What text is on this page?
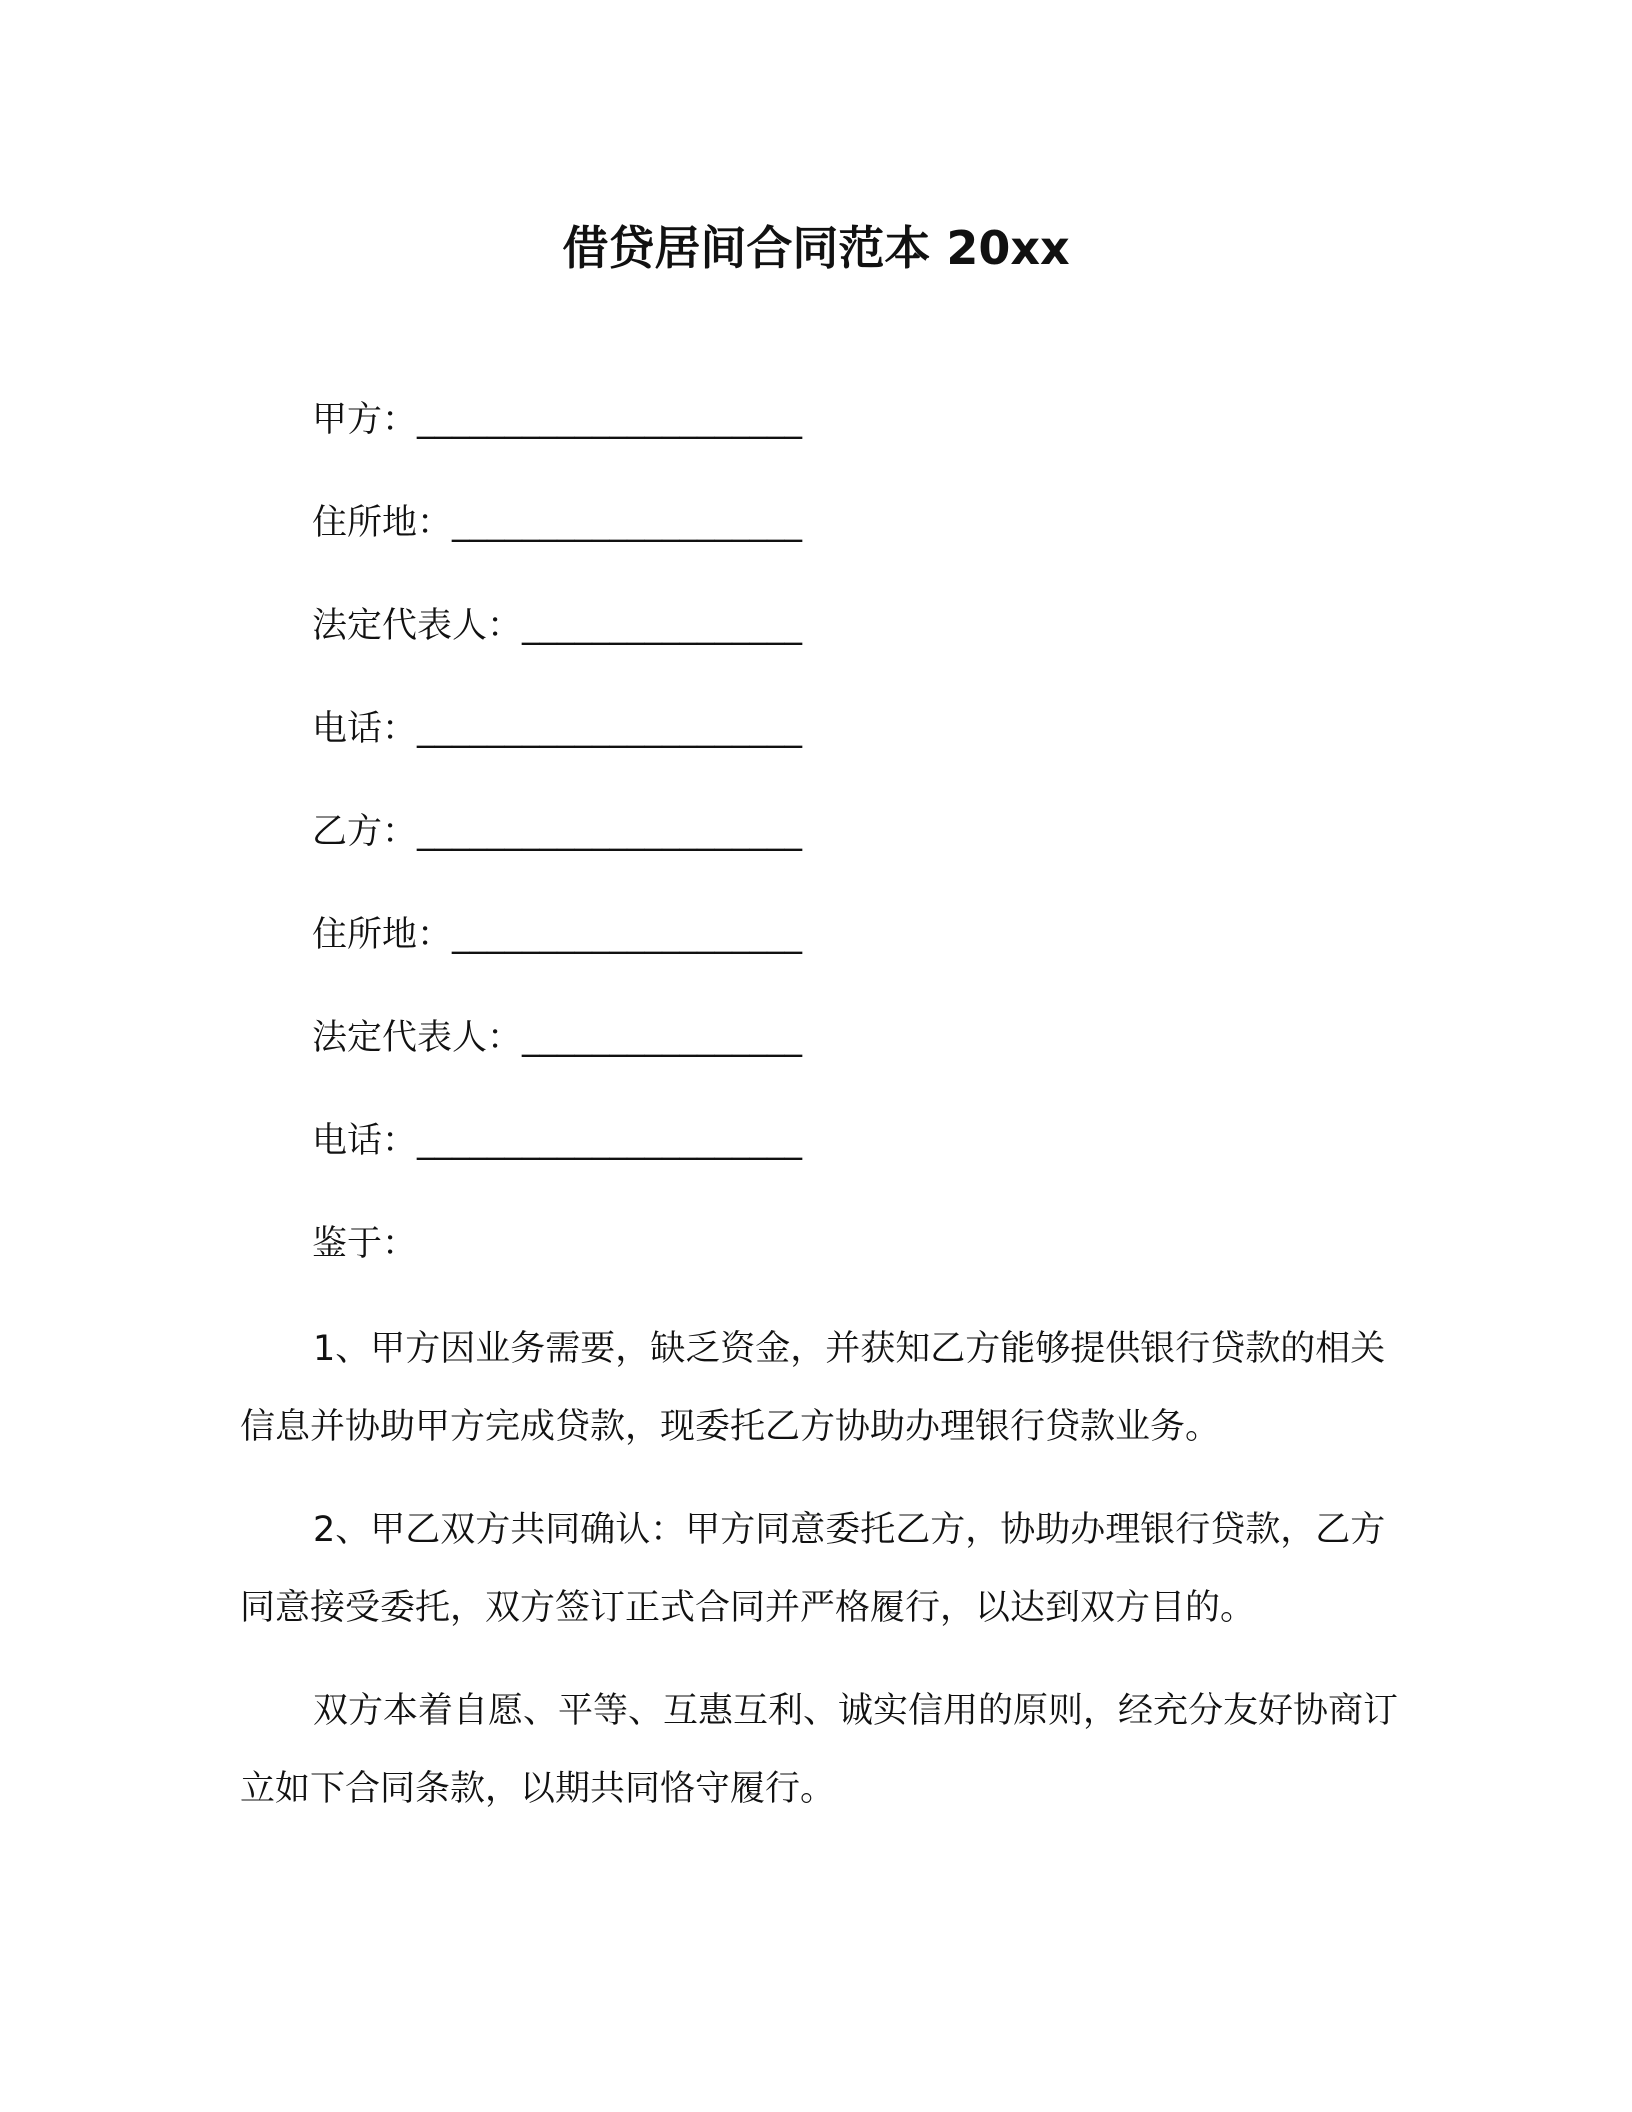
借贷居间合同范本 20xx
甲方：______________________
住所地：____________________
法定代表人：________________
电话：______________________
乙方：______________________
住所地：____________________
法定代表人：________________
电话：______________________
鉴于：

1、甲方因业务需要，缺乏资金，并获知乙方能够提供银行贷款的相关信息并协助甲方完成贷款，现委托乙方协助办理银行贷款业务。

2、甲乙双方共同确认：甲方同意委托乙方，协助办理银行贷款，乙方同意接受委托，双方签订正式合同并严格履行，以达到双方目的。

双方本着自愿、平等、互惠互利、诚实信用的原则，经充分友好协商订立如下合同条款，以期共同恪守履行。
